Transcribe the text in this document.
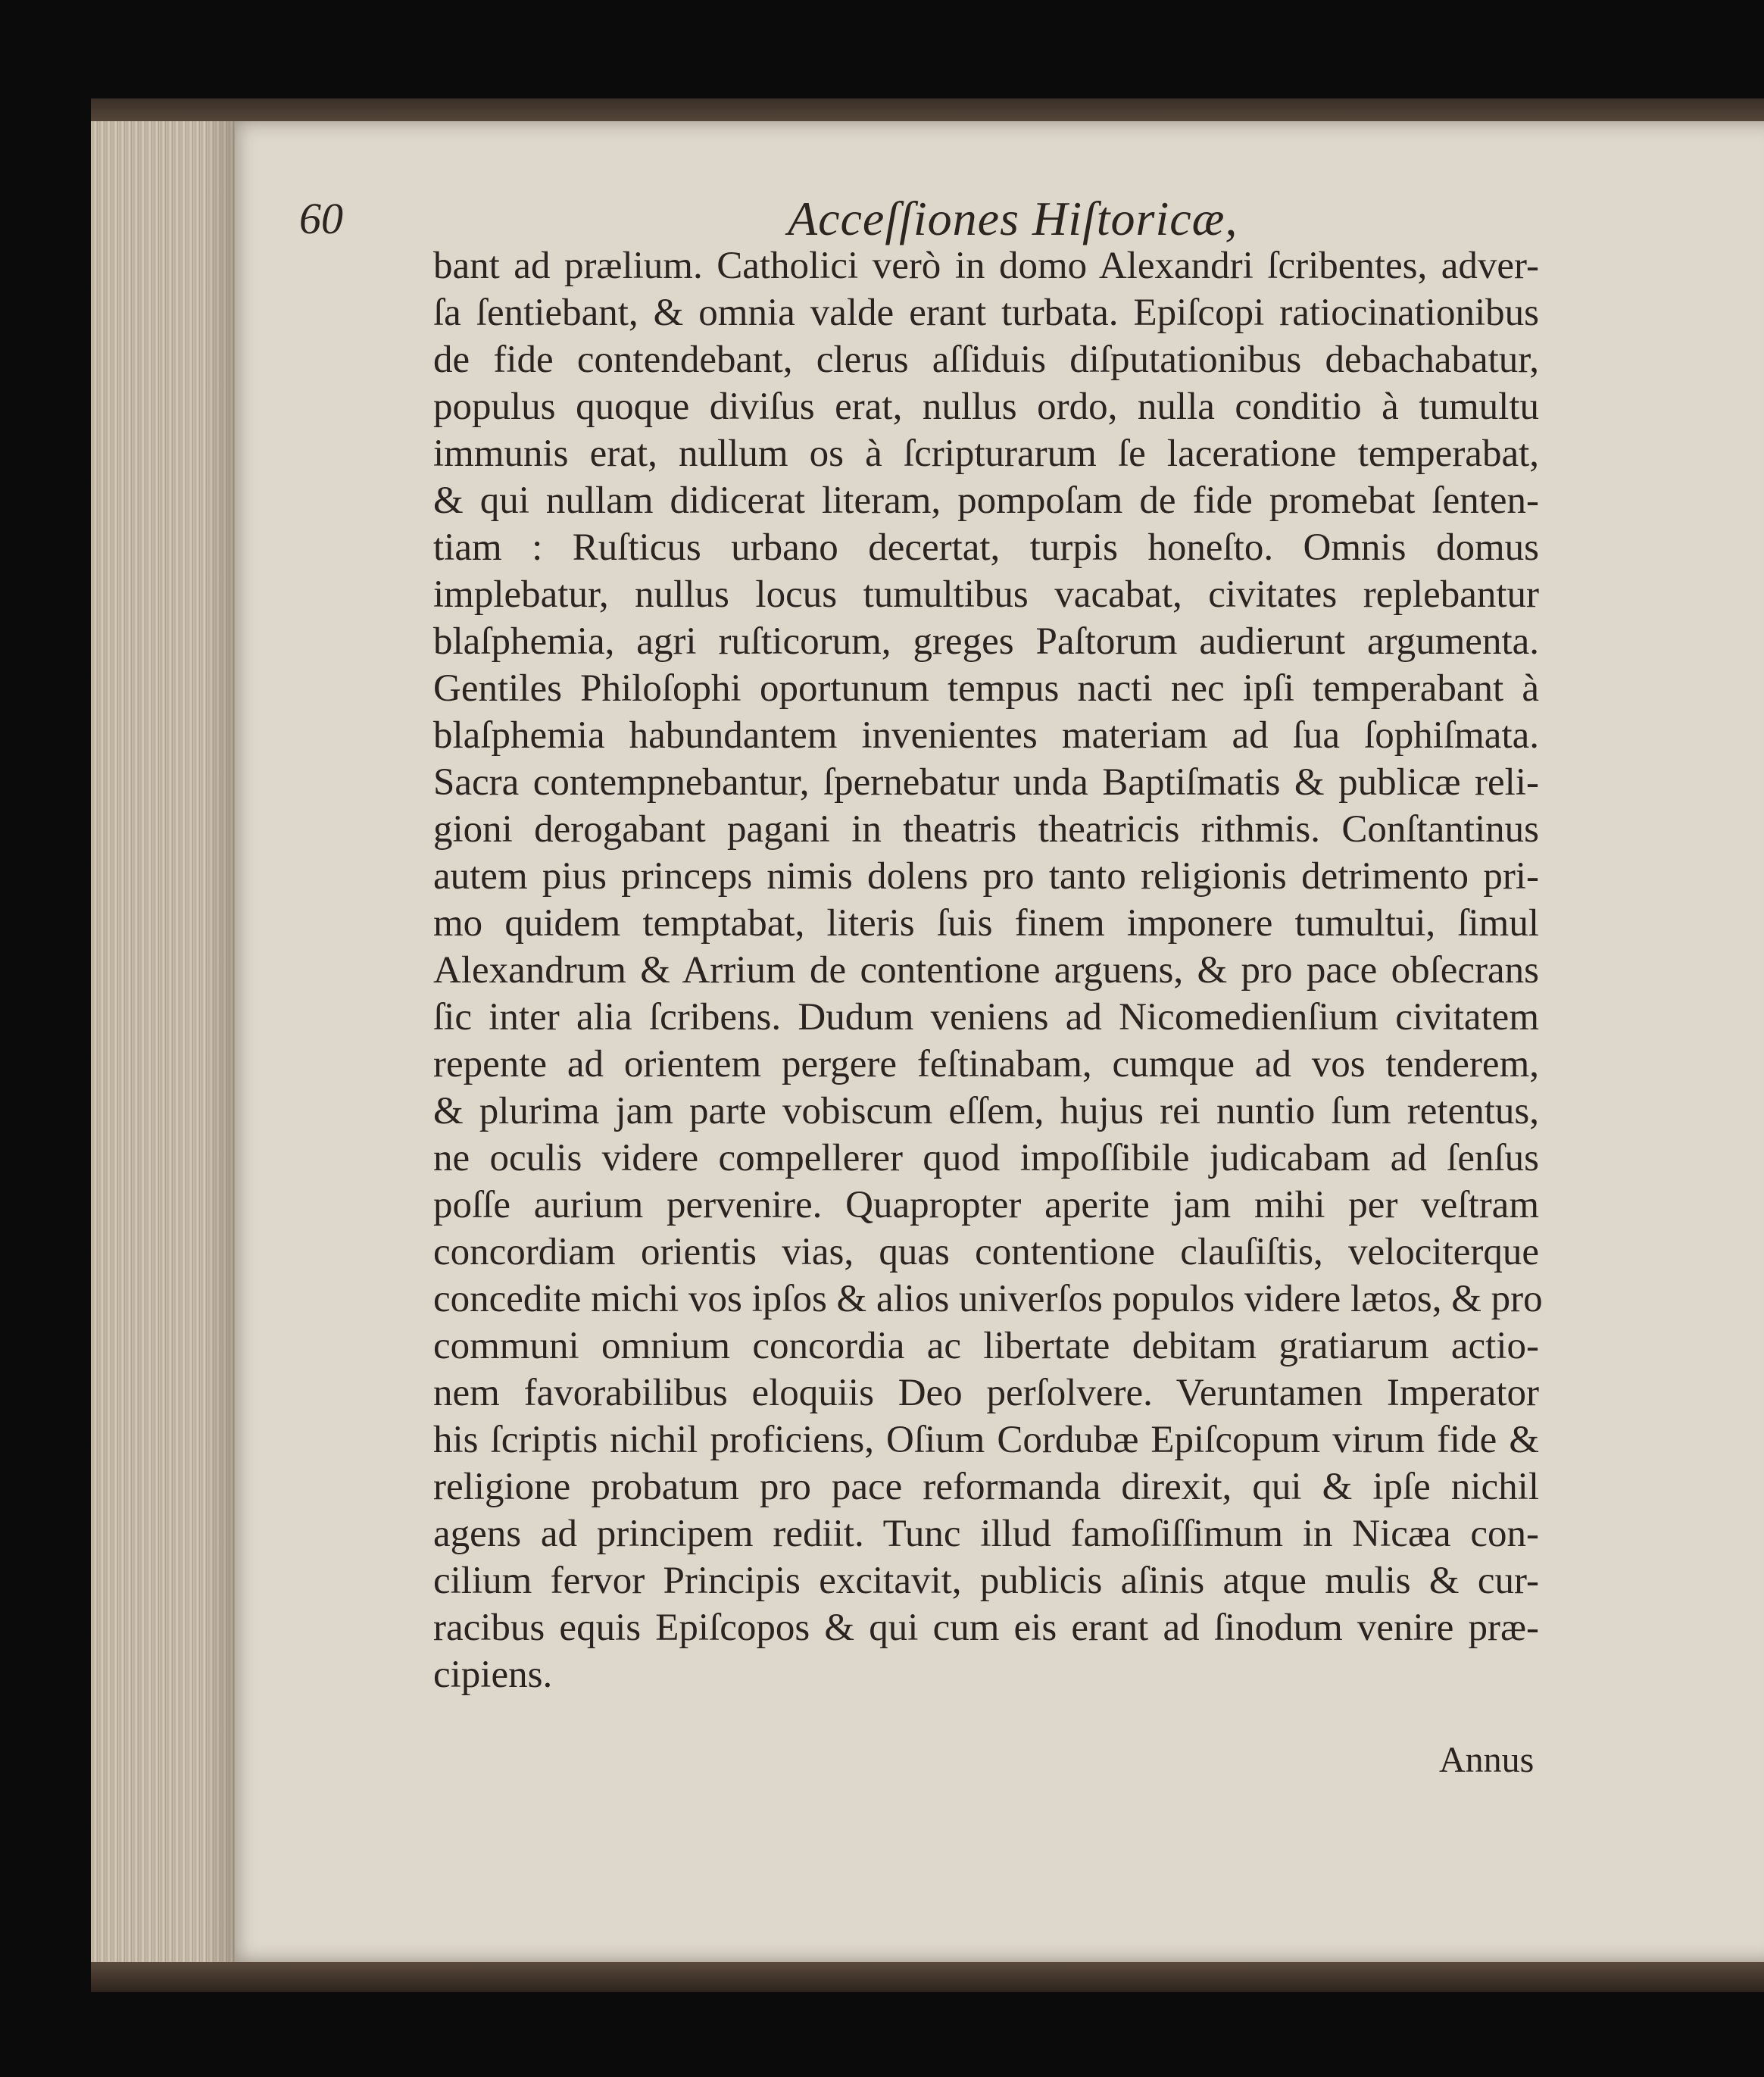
60	Acceſſiones Hiſtoricæ,
bant ad prælium. Catholici verò in domo Alexandri ſcribentes, adver-
ſa ſentiebant, & omnia valde erant turbata. Epiſcopi ratiocinationibus
de fide contendebant, clerus aſſiduis diſputationibus debachabatur,
populus quoque diviſus erat, nullus ordo, nulla conditio à tumultu
immunis erat, nullum os à ſcripturarum ſe laceratione temperabat,
& qui nullam didicerat literam, pompoſam de fide promebat ſenten-
tiam : Ruſticus urbano decertat, turpis honeſto. Omnis domus
implebatur, nullus locus tumultibus vacabat, civitates replebantur
blaſphemia, agri ruſticorum, greges Paſtorum audierunt argumenta.
Gentiles Philoſophi oportunum tempus nacti nec ipſi temperabant à
blaſphemia habundantem invenientes materiam ad ſua ſophiſmata.
Sacra contempnebantur, ſpernebatur unda Baptiſmatis & publicæ reli-
gioni derogabant pagani in theatris theatricis rithmis. Conſtantinus
autem pius princeps nimis dolens pro tanto religionis detrimento pri-
mo quidem temptabat, literis ſuis finem imponere tumultui, ſimul
Alexandrum & Arrium de contentione arguens, & pro pace obſecrans
ſic inter alia ſcribens. Dudum veniens ad Nicomedienſium civitatem
repente ad orientem pergere feſtinabam, cumque ad vos tenderem,
& plurima jam parte vobiscum eſſem, hujus rei nuntio ſum retentus,
ne oculis videre compellerer quod impoſſibile judicabam ad ſenſus
poſſe aurium pervenire. Quapropter aperite jam mihi per veſtram
concordiam orientis vias, quas contentione clauſiſtis, velociterque
concedite michi vos ipſos & alios univerſos populos videre lætos, & pro
communi omnium concordia ac libertate debitam gratiarum actio-
nem favorabilibus eloquiis Deo perſolvere. Veruntamen Imperator
his ſcriptis nichil proficiens, Oſium Cordubæ Epiſcopum virum fide &
religione probatum pro pace reformanda direxit, qui & ipſe nichil
agens ad principem rediit. Tunc illud famoſiſſimum in Nicæa con-
cilium fervor Principis excitavit, publicis aſinis atque mulis & cur-
racibus equis Epiſcopos & qui cum eis erant ad ſinodum venire præ-
cipiens.
Annus
